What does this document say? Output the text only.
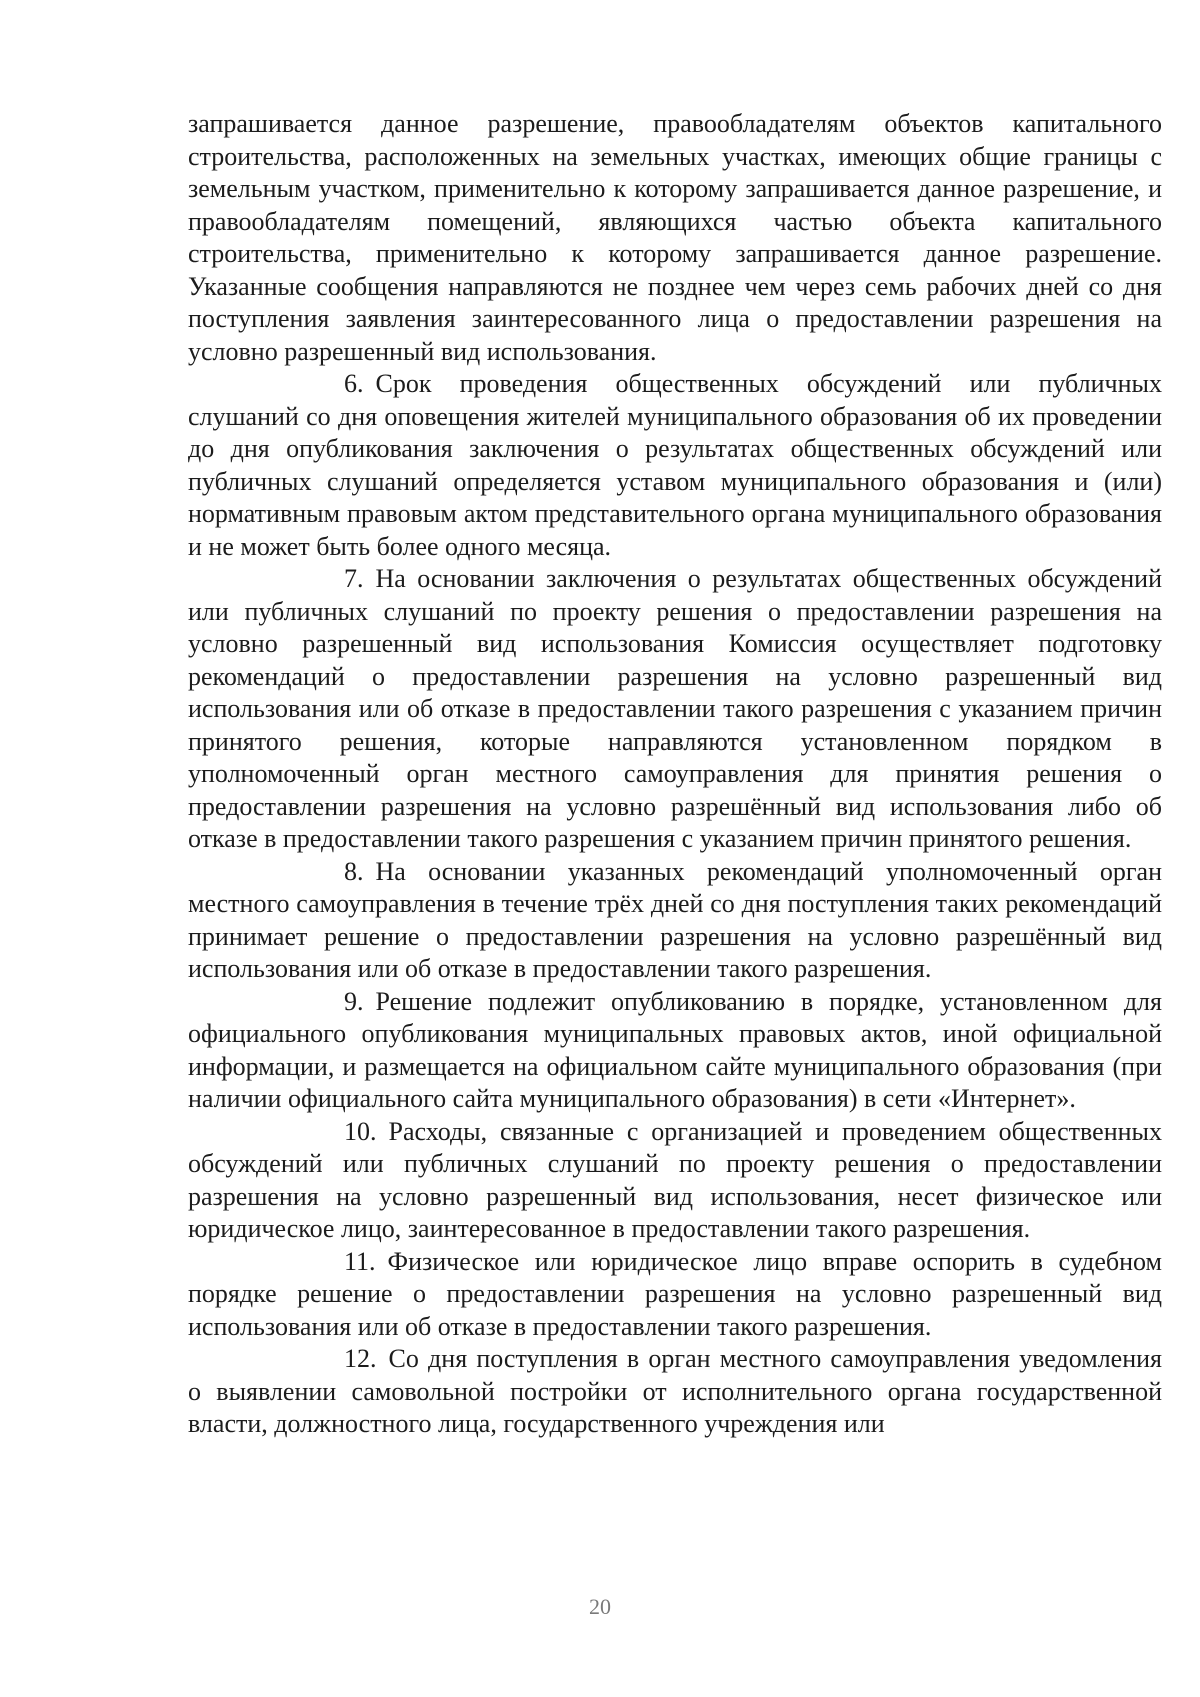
запрашивается данное разрешение, правообладателям объектов капитального строительства, расположенных на земельных участках, имеющих общие границы с земельным участком, применительно к которому запрашивается данное разрешение, и правообладателям помещений, являющихся частью объекта капитального строительства, применительно к которому запрашивается данное разрешение. Указанные сообщения направляются не позднее чем через семь рабочих дней со дня поступления заявления заинтересованного лица о предоставлении разрешения на условно разрешенный вид использования.

6. Срок проведения общественных обсуждений или публичных слушаний со дня оповещения жителей муниципального образования об их проведении до дня опубликования заключения о результатах общественных обсуждений или публичных слушаний определяется уставом муниципального образования и (или) нормативным правовым актом представительного органа муниципального образования и не может быть более одного месяца.

7. На основании заключения о результатах общественных обсуждений или публичных слушаний по проекту решения о предоставлении разрешения на условно разрешенный вид использования Комиссия осуществляет подготовку рекомендаций о предоставлении разрешения на условно разрешенный вид использования или об отказе в предоставлении такого разрешения с указанием причин принятого решения, которые направляются установленном порядком в уполномоченный орган местного самоуправления для принятия решения о предоставлении разрешения на условно разрешённый вид использования либо об отказе в предоставлении такого разрешения с указанием причин принятого решения.

8. На основании указанных рекомендаций уполномоченный орган местного самоуправления в течение трёх дней со дня поступления таких рекомендаций принимает решение о предоставлении разрешения на условно разрешённый вид использования или об отказе в предоставлении такого разрешения.

9. Решение подлежит опубликованию в порядке, установленном для официального опубликования муниципальных правовых актов, иной официальной информации, и размещается на официальном сайте муниципального образования (при наличии официального сайта муниципального образования) в сети «Интернет».

10. Расходы, связанные с организацией и проведением общественных обсуждений или публичных слушаний по проекту решения о предоставлении разрешения на условно разрешенный вид использования, несет физическое или юридическое лицо, заинтересованное в предоставлении такого разрешения.

11. Физическое или юридическое лицо вправе оспорить в судебном порядке решение о предоставлении разрешения на условно разрешенный вид использования или об отказе в предоставлении такого разрешения.

12. Со дня поступления в орган местного самоуправления уведомления о выявлении самовольной постройки от исполнительного органа государственной власти, должностного лица, государственного учреждения или

20
